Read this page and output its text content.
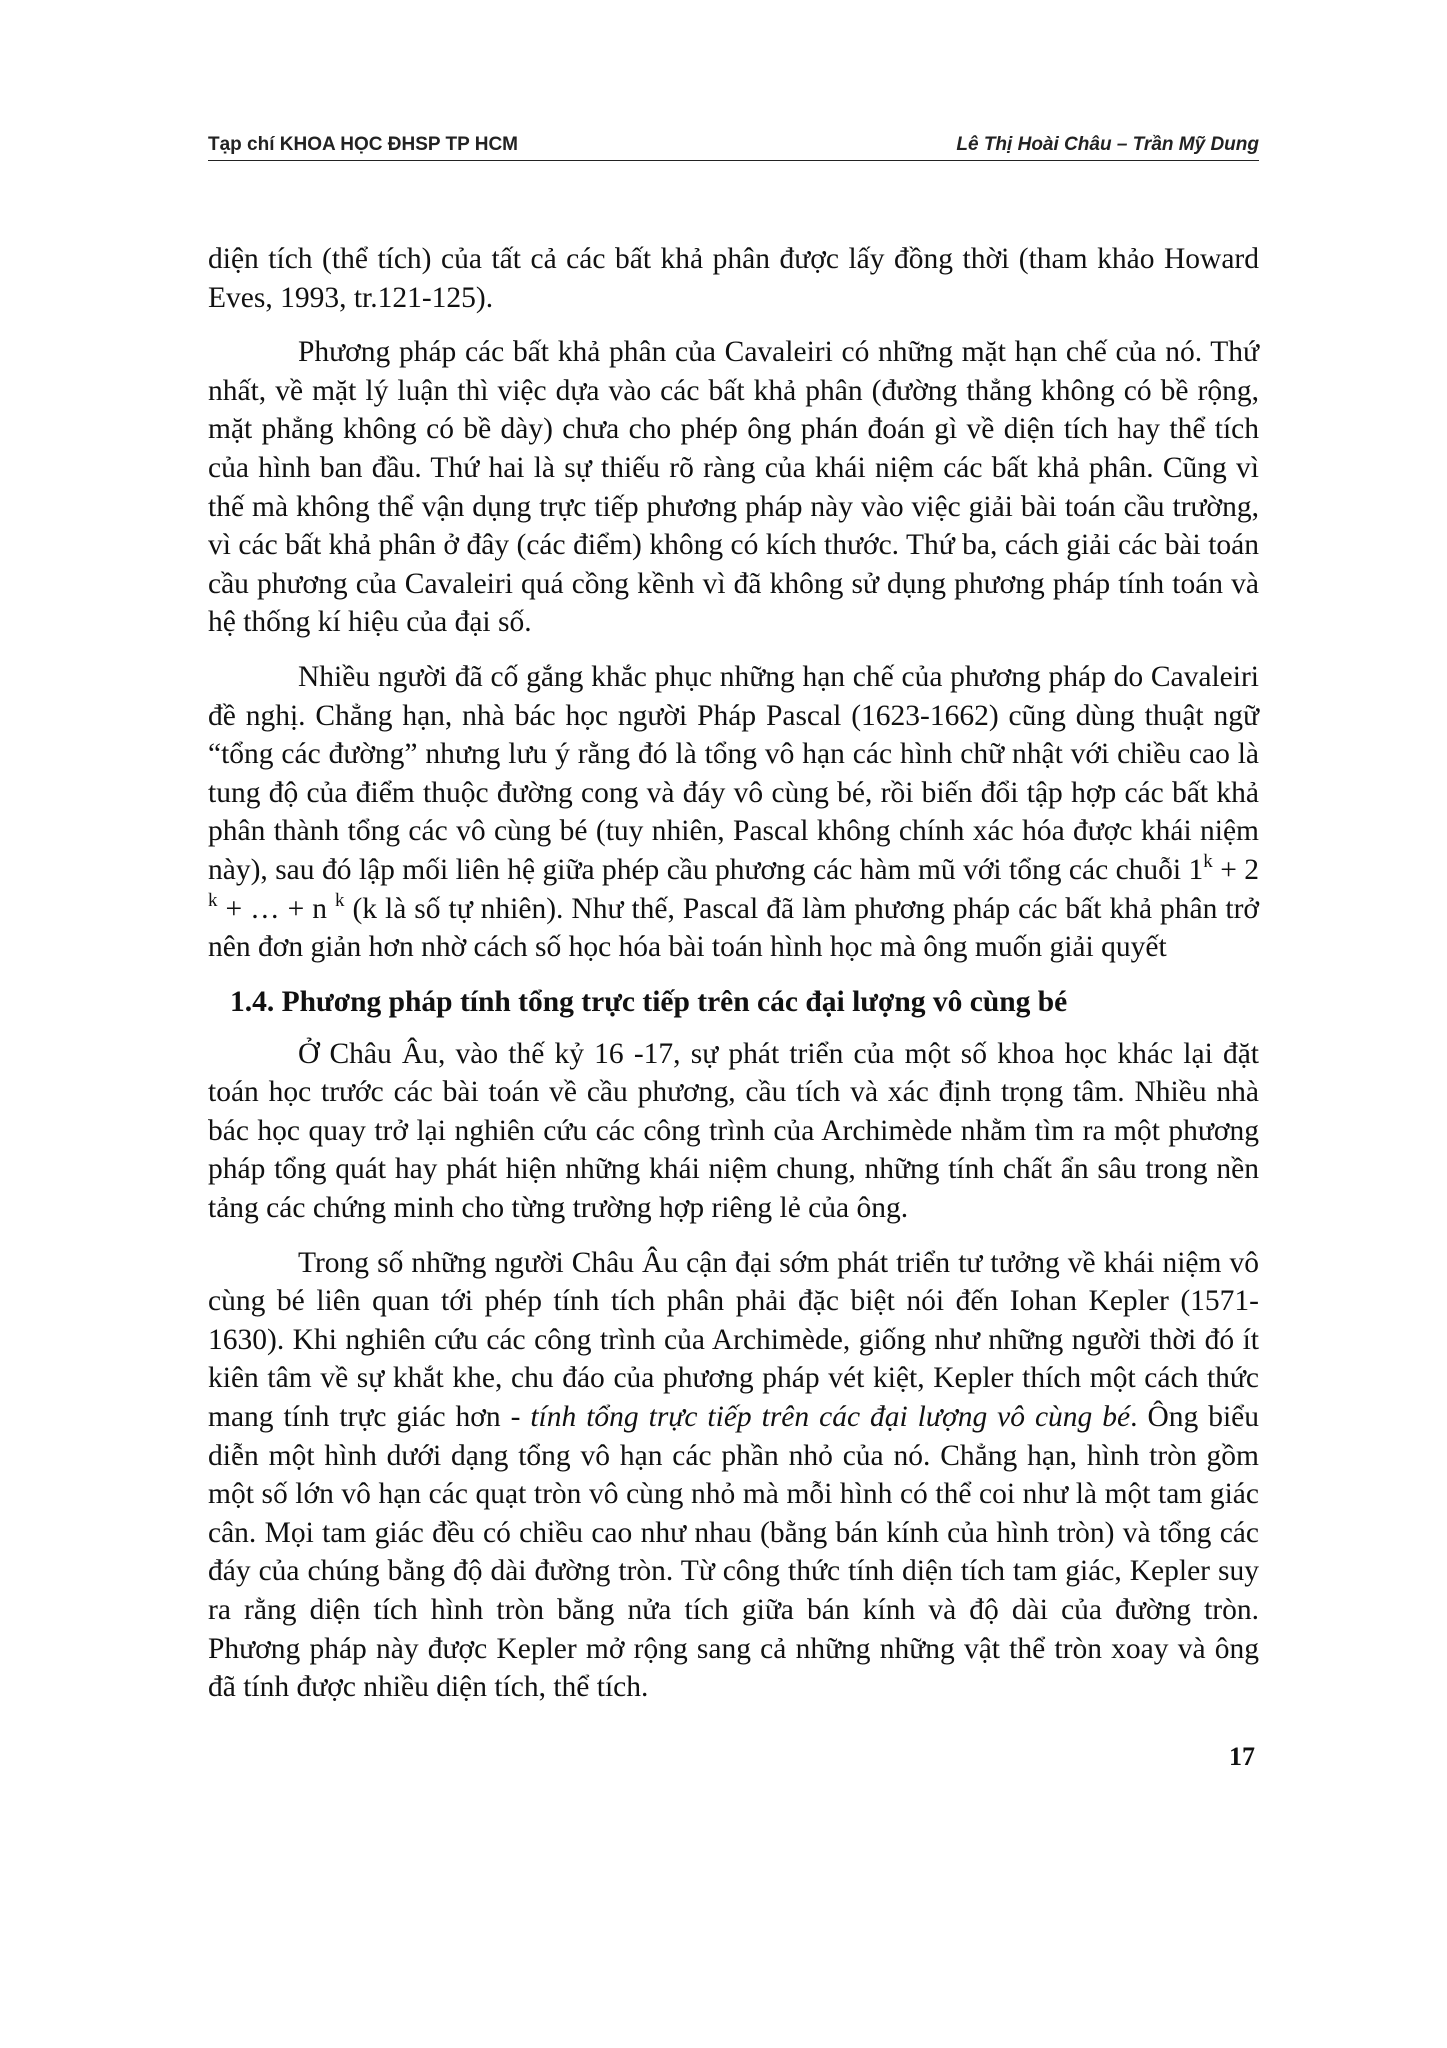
Tạp chí KHOA HỌC ĐHSP TP HCM	Lê Thị Hoài Châu – Trần Mỹ Dung

diện tích (thể tích) của tất cả các bất khả phân được lấy đồng thời (tham khảo Howard Eves, 1993, tr.121-125).

Phương pháp các bất khả phân của Cavaleiri có những mặt hạn chế của nó. Thứ nhất, về mặt lý luận thì việc dựa vào các bất khả phân (đường thẳng không có bề rộng, mặt phẳng không có bề dày) chưa cho phép ông phán đoán gì về diện tích hay thể tích của hình ban đầu. Thứ hai là sự thiếu rõ ràng của khái niệm các bất khả phân. Cũng vì thế mà không thể vận dụng trực tiếp phương pháp này vào việc giải bài toán cầu trường, vì các bất khả phân ở đây (các điểm) không có kích thước. Thứ ba, cách giải các bài toán cầu phương của Cavaleiri quá cồng kềnh vì đã không sử dụng phương pháp tính toán và hệ thống kí hiệu của đại số.

Nhiều người đã cố gắng khắc phục những hạn chế của phương pháp do Cavaleiri đề nghị. Chẳng hạn, nhà bác học người Pháp Pascal (1623-1662) cũng dùng thuật ngữ “tổng các đường” nhưng lưu ý rằng đó là tổng vô hạn các hình chữ nhật với chiều cao là tung độ của điểm thuộc đường cong và đáy vô cùng bé, rồi biến đổi tập hợp các bất khả phân thành tổng các vô cùng bé (tuy nhiên, Pascal không chính xác hóa được khái niệm này), sau đó lập mối liên hệ giữa phép cầu phương các hàm mũ với tổng các chuỗi $1^k + 2$ $^k$ + … + n $^k$ (k là số tự nhiên). Như thế, Pascal đã làm phương pháp các bất khả phân trở nên đơn giản hơn nhờ cách số học hóa bài toán hình học mà ông muốn giải quyết

1.4. Phương pháp tính tổng trực tiếp trên các đại lượng vô cùng bé

Ở Châu Âu, vào thế kỷ 16 -17, sự phát triển của một số khoa học khác lại đặt toán học trước các bài toán về cầu phương, cầu tích và xác định trọng tâm. Nhiều nhà bác học quay trở lại nghiên cứu các công trình của Archimède nhằm tìm ra một phương pháp tổng quát hay phát hiện những khái niệm chung, những tính chất ẩn sâu trong nền tảng các chứng minh cho từng trường hợp riêng lẻ của ông.

Trong số những người Châu Âu cận đại sớm phát triển tư tưởng về khái niệm vô cùng bé liên quan tới phép tính tích phân phải đặc biệt nói đến Iohan Kepler (1571-1630). Khi nghiên cứu các công trình của Archimède, giống như những người thời đó ít kiên tâm về sự khắt khe, chu đáo của phương pháp vét kiệt, Kepler thích một cách thức mang tính trực giác hơn - tính tổng trực tiếp trên các đại lượng vô cùng bé. Ông biểu diễn một hình dưới dạng tổng vô hạn các phần nhỏ của nó. Chẳng hạn, hình tròn gồm một số lớn vô hạn các quạt tròn vô cùng nhỏ mà mỗi hình có thể coi như là một tam giác cân. Mọi tam giác đều có chiều cao như nhau (bằng bán kính của hình tròn) và tổng các đáy của chúng bằng độ dài đường tròn. Từ công thức tính diện tích tam giác, Kepler suy ra rằng diện tích hình tròn bằng nửa tích giữa bán kính và độ dài của đường tròn. Phương pháp này được Kepler mở rộng sang cả những những vật thể tròn xoay và ông đã tính được nhiều diện tích, thể tích.

17
